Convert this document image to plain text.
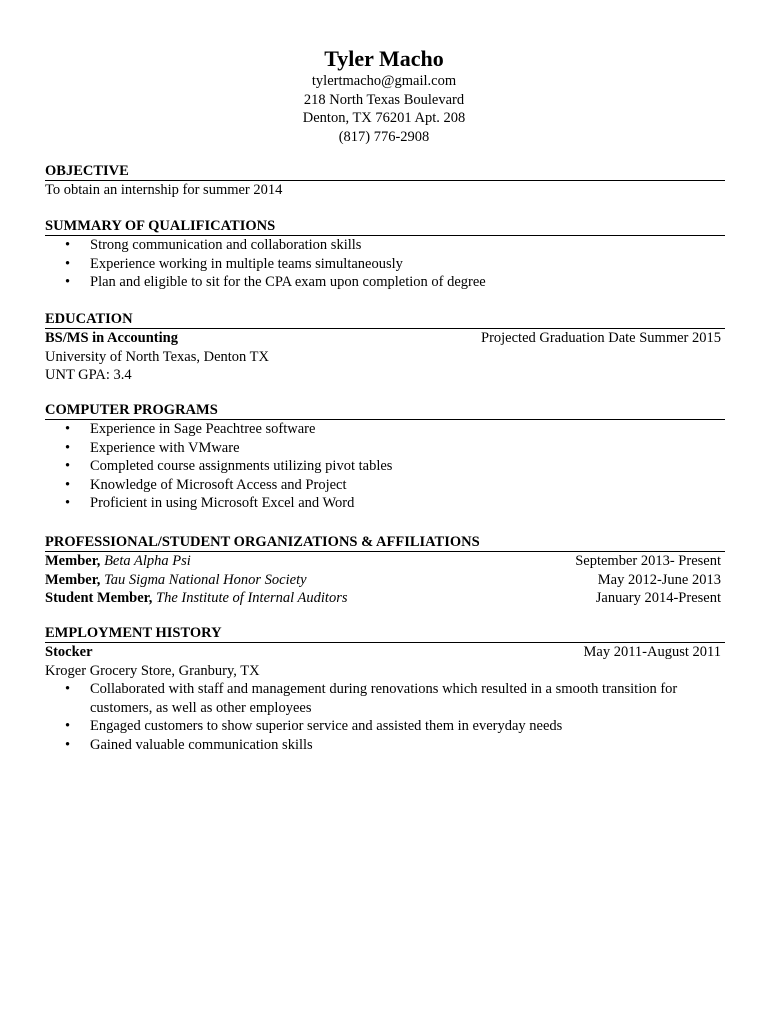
Tyler Macho
tylertmacho@gmail.com
218 North Texas Boulevard
Denton, TX 76201 Apt. 208
(817) 776-2908
OBJECTIVE
To obtain an internship for summer 2014
SUMMARY OF QUALIFICATIONS
• Strong communication and collaboration skills
• Experience working in multiple teams simultaneously
• Plan and eligible to sit for the CPA exam upon completion of degree
EDUCATION
BS/MS in Accounting	Projected Graduation Date Summer 2015
University of North Texas, Denton TX
UNT GPA: 3.4
COMPUTER PROGRAMS
• Experience in Sage Peachtree software
• Experience with VMware
• Completed course assignments utilizing pivot tables
• Knowledge of Microsoft Access and Project
• Proficient in using Microsoft Excel and Word
PROFESSIONAL/STUDENT ORGANIZATIONS & AFFILIATIONS
Member, Beta Alpha Psi	September 2013- Present
Member, Tau Sigma National Honor Society	May 2012-June 2013
Student Member, The Institute of Internal Auditors	January 2014-Present
EMPLOYMENT HISTORY
Stocker	May 2011-August 2011
Kroger Grocery Store, Granbury, TX
• Collaborated with staff and management during renovations which resulted in a smooth transition for customers, as well as other employees
• Engaged customers to show superior service and assisted them in everyday needs
• Gained valuable communication skills
